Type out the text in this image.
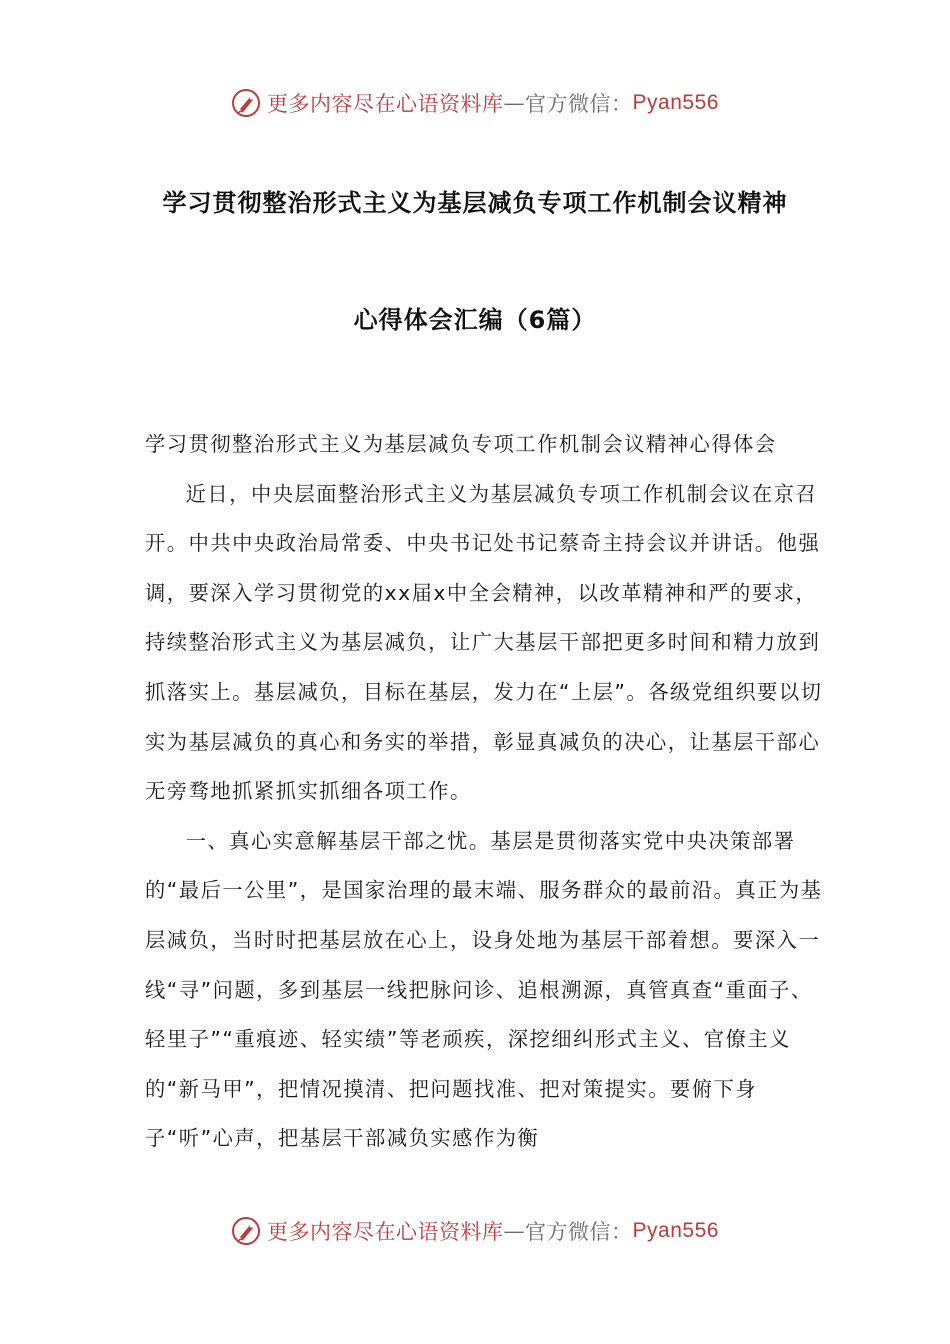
更多内容尽在心语资料库 — 官方微信： Pyan556
学习贯彻整治形式主义为基层减负专项工作机制会议精神
心得体会汇编（6篇）

学习贯彻整治形式主义为基层减负专项工作机制会议精神心得体会

近日，中央层面整治形式主义为基层减负专项工作机制会议在京召开。中共中央政治局常委、中央书记处书记蔡奇主持会议并讲话。他强调，要深入学习贯彻党的xx届x中全会精神，以改革精神和严的要求，持续整治形式主义为基层减负，让广大基层干部把更多时间和精力放到抓落实上。基层减负，目标在基层，发力在“上层”。各级党组织要以切实为基层减负的真心和务实的举措，彰显真减负的决心，让基层干部心无旁骛地抓紧抓实抓细各项工作。

一、真心实意解基层干部之忧。基层是贯彻落实党中央决策部署的“最后一公里”，是国家治理的最末端、服务群众的最前沿。真正为基层减负，当时时把基层放在心上，设身处地为基层干部着想。要深入一线“寻”问题，多到基层一线把脉问诊、追根溯源，真管真查“重面子、轻里子”“重痕迹、轻实绩”等老顽疾，深挖细纠形式主义、官僚主义的“新马甲”，把情况摸清、把问题找准、把对策提实。要俯下身子“听”心声，把基层干部减负实感作为衡

更多内容尽在心语资料库 — 官方微信： Pyan556
